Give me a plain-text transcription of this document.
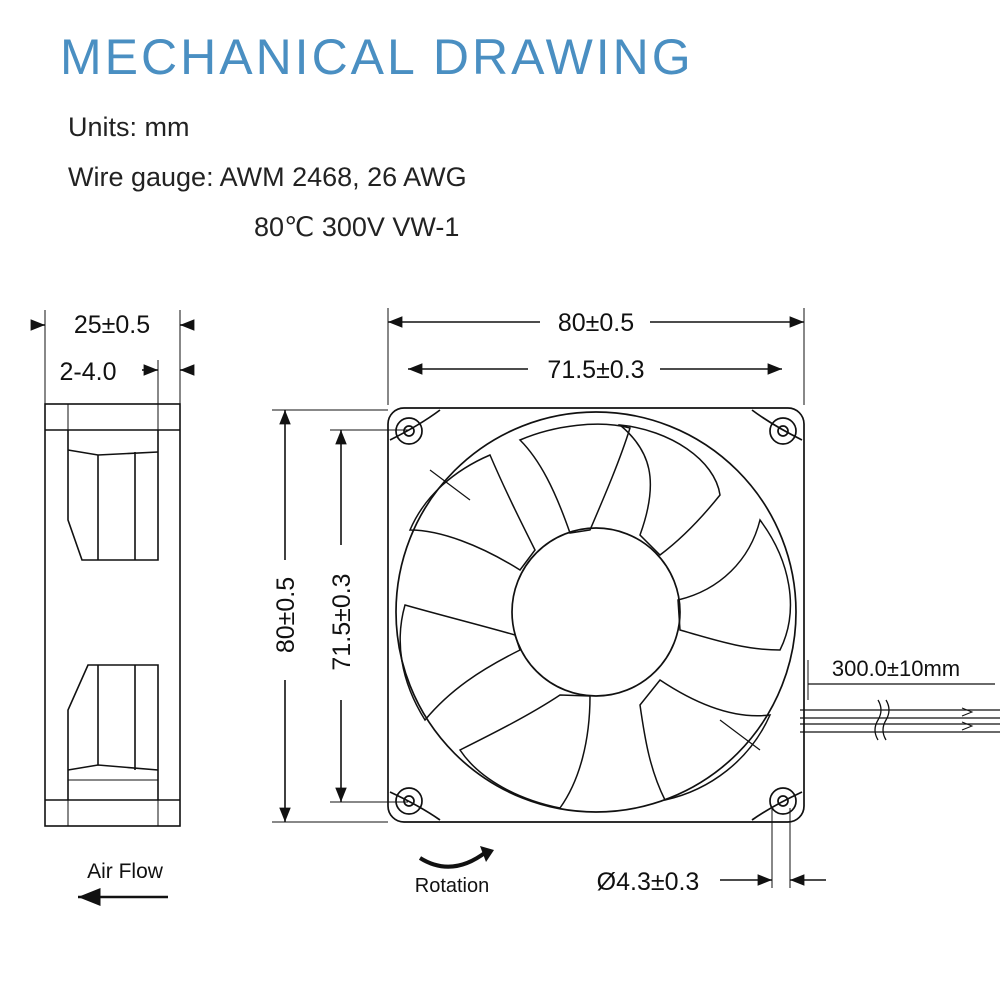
MECHANICAL DRAWING
Units: mm
Wire gauge: AWM 2468, 26 AWG
80℃ 300V VW-1
25±0.5
2-4.0
Air Flow
80±0.5
71.5±0.3
80±0.5 71.5±0.3	300.0±10mm
Ø4.3±0.3
Rotation
